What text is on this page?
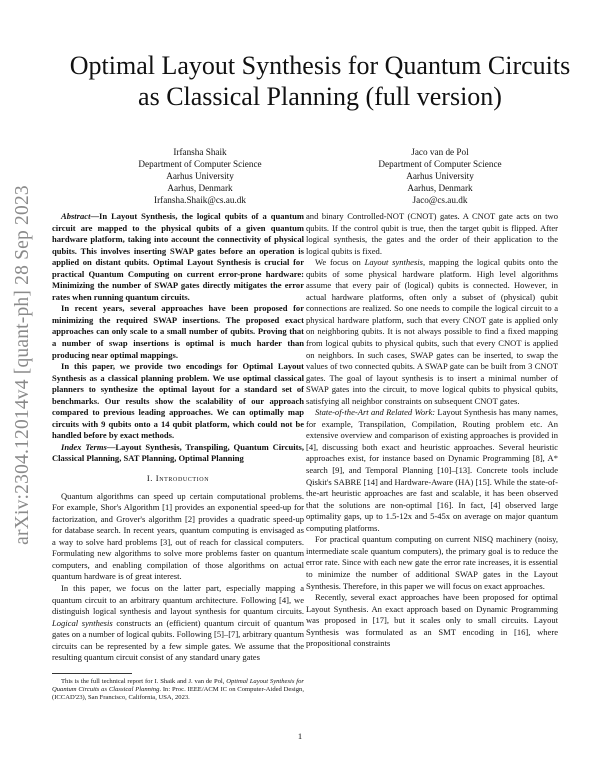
arXiv:2304.12014v4 [quant-ph] 28 Sep 2023
Optimal Layout Synthesis for Quantum Circuits
as Classical Planning (full version)
Irfansha Shaik
Department of Computer Science
Aarhus University
Aarhus, Denmark
Irfansha.Shaik@cs.au.dk
Jaco van de Pol
Department of Computer Science
Aarhus University
Aarhus, Denmark
Jaco@cs.au.dk

Abstract—In Layout Synthesis, the logical qubits of a quantum circuit are mapped to the physical qubits of a given quantum hardware platform, taking into account the connectivity of physical qubits. This involves inserting SWAP gates before an operation is applied on distant qubits. Optimal Layout Synthesis is crucial for practical Quantum Computing on current error-prone hardware: Minimizing the number of SWAP gates directly mitigates the error rates when running quantum circuits.

In recent years, several approaches have been proposed for minimizing the required SWAP insertions. The proposed exact approaches can only scale to a small number of qubits. Proving that a number of swap insertions is optimal is much harder than producing near optimal mappings.

In this paper, we provide two encodings for Optimal Layout Synthesis as a classical planning problem. We use optimal classical planners to synthesize the optimal layout for a standard set of benchmarks. Our results show the scalability of our approach compared to previous leading approaches. We can optimally map circuits with 9 qubits onto a 14 qubit platform, which could not be handled before by exact methods.

Index Terms—Layout Synthesis, Transpiling, Quantum Circuits, Classical Planning, SAT Planning, Optimal Planning

I. Introduction

Quantum algorithms can speed up certain computational problems. For example, Shor's Algorithm [1] provides an exponential speed-up for factorization, and Grover's algorithm [2] provides a quadratic speed-up for database search. In recent years, quantum computing is envisaged as a way to solve hard problems [3], out of reach for classical computers. Formulating new algorithms to solve more problems faster on quantum computers, and enabling compilation of those algorithms on actual quantum hardware is of great interest.

In this paper, we focus on the latter part, especially mapping a quantum circuit to an arbitrary quantum architecture. Following [4], we distinguish logical synthesis and layout synthesis for quantum circuits. Logical synthesis constructs an (efficient) quantum circuit of quantum gates on a number of logical qubits. Following [5]–[7], arbitrary quantum circuits can be represented by a few simple gates. We assume that the resulting quantum circuit consist of any standard unary gates

This is the full technical report for I. Shaik and J. van de Pol, Optimal Layout Synthesis for Quantum Circuits as Classical Planning. In: Proc. IEEE/ACM IC on Computer-Aided Design, (ICCAD'23), San Francisco, California, USA, 2023.

and binary Controlled-NOT (CNOT) gates. A CNOT gate acts on two qubits. If the control qubit is true, then the target qubit is flipped. After logical synthesis, the gates and the order of their application to the logical qubits is fixed.

We focus on Layout synthesis, mapping the logical qubits onto the qubits of some physical hardware platform. High level algorithms assume that every pair of (logical) qubits is connected. However, in actual hardware platforms, often only a subset of (physical) qubit connections are realized. So one needs to compile the logical circuit to a physical hardware platform, such that every CNOT gate is applied only on neighboring qubits. It is not always possible to find a fixed mapping from logical qubits to physical qubits, such that every CNOT is applied on neighbors. In such cases, SWAP gates can be inserted, to swap the values of two connected qubits. A SWAP gate can be built from 3 CNOT gates. The goal of layout synthesis is to insert a minimal number of SWAP gates into the circuit, to move logical qubits to physical qubits, satisfying all neighbor constraints on subsequent CNOT gates.

State-of-the-Art and Related Work: Layout Synthesis has many names, for example, Transpilation, Compilation, Routing problem etc. An extensive overview and comparison of existing approaches is provided in [4], discussing both exact and heuristic approaches. Several heuristic approaches exist, for instance based on Dynamic Programming [8], A* search [9], and Temporal Planning [10]–[13]. Concrete tools include Qiskit's SABRE [14] and Hardware-Aware (HA) [15]. While the state-of-the-art heuristic approaches are fast and scalable, it has been observed that the solutions are non-optimal [16]. In fact, [4] observed large optimality gaps, up to 1.5-12x and 5-45x on average on major quantum computing platforms.

For practical quantum computing on current NISQ machinery (noisy, intermediate scale quantum computers), the primary goal is to reduce the error rate. Since with each new gate the error rate increases, it is essential to minimize the number of additional SWAP gates in the Layout Synthesis. Therefore, in this paper we will focus on exact approaches.

Recently, several exact approaches have been proposed for optimal Layout Synthesis. An exact approach based on Dynamic Programming was proposed in [17], but it scales only to small circuits. Layout Synthesis was formulated as an SMT encoding in [16], where propositional constraints

1
